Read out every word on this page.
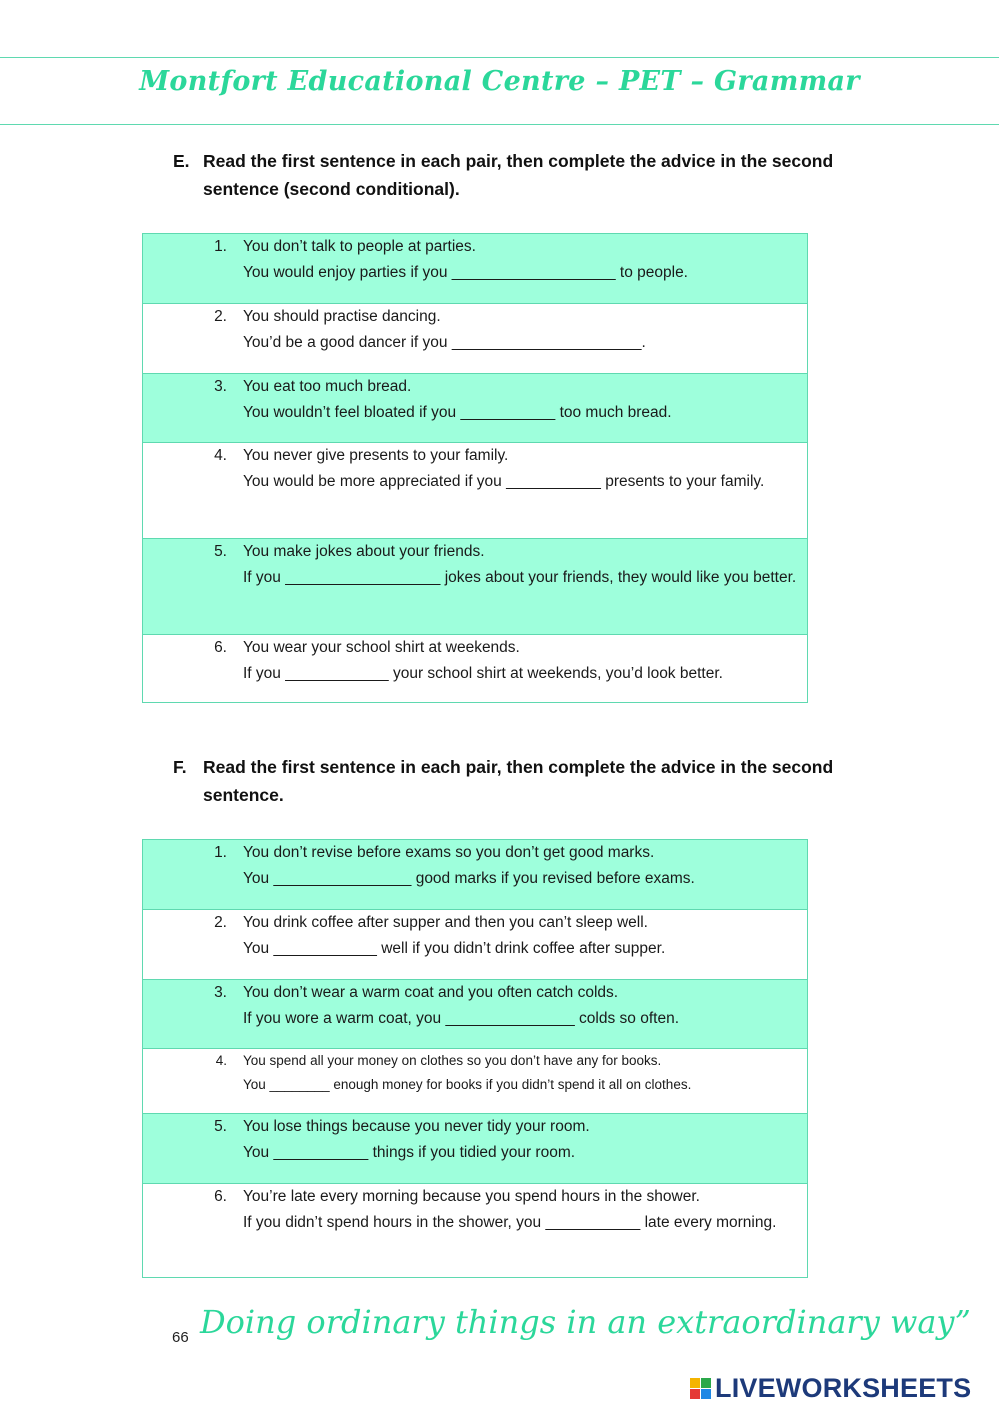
Montfort Educational Centre – PET – Grammar
E. Read the first sentence in each pair, then complete the advice in the second sentence (second conditional).
1. You don’t talk to people at parties.
You would enjoy parties if you ___________________ to people.
2. You should practise dancing.
You’d be a good dancer if you ______________________.
3. You eat too much bread.
You wouldn’t feel bloated if you ___________ too much bread.
4. You never give presents to your family.
You would be more appreciated if you ___________ presents to your family.
5. You make jokes about your friends.
If you __________________ jokes about your friends, they would like you better.
6. You wear your school shirt at weekends.
If you ____________ your school shirt at weekends, you’d look better.
F. Read the first sentence in each pair, then complete the advice in the second sentence.
1. You don’t revise before exams so you don’t get good marks.
You ________________ good marks if you revised before exams.
2. You drink coffee after supper and then you can’t sleep well.
You ____________ well if you didn’t drink coffee after supper.
3. You don’t wear a warm coat and you often catch colds.
If you wore a warm coat, you _______________ colds so often.
4. You spend all your money on clothes so you don’t have any for books.
You ________ enough money for books if you didn’t spend it all on clothes.
5. You lose things because you never tidy your room.
You ___________ things if you tidied your room.
6. You’re late every morning because you spend hours in the shower.
If you didn’t spend hours in the shower, you ___________ late every morning.
66 Doing ordinary things in an extraordinary way”
LIVEWORKSHEETS
